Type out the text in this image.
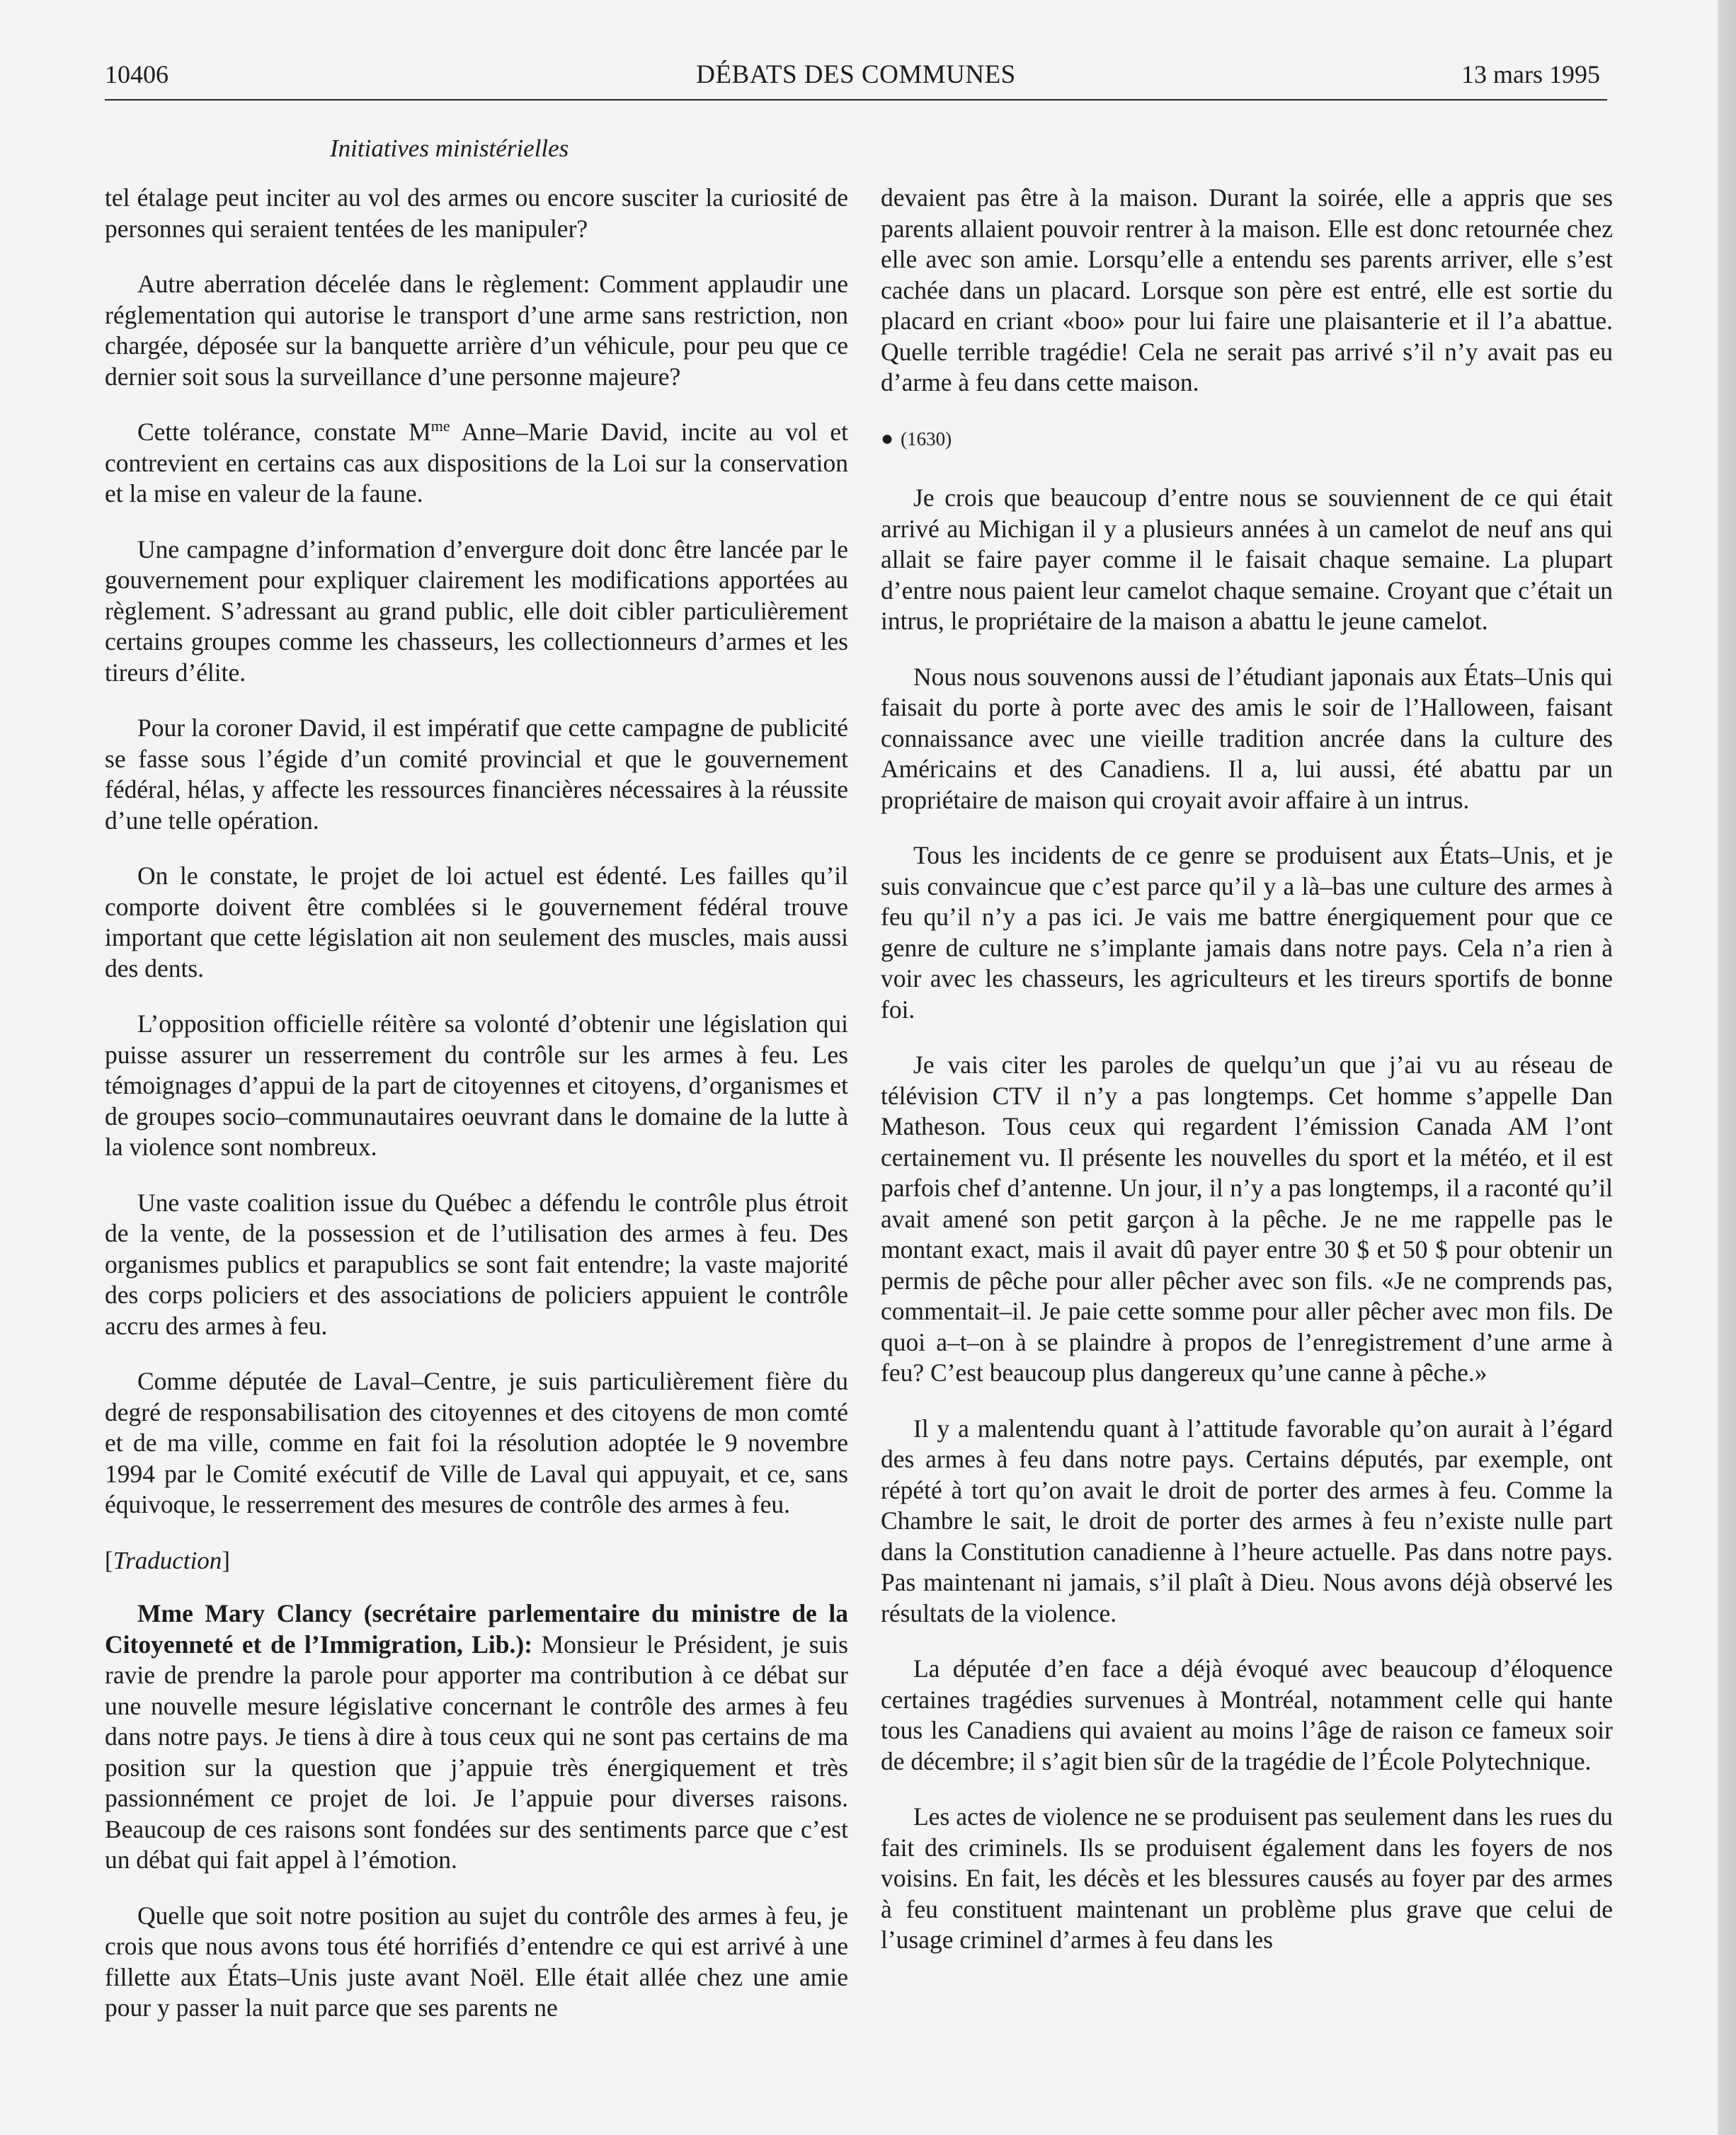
10406	DÉBATS DES COMMUNES	13 mars 1995
Initiatives ministérielles

tel étalage peut inciter au vol des armes ou encore susciter la curiosité de personnes qui seraient tentées de les manipuler?

Autre aberration décelée dans le règlement: Comment applaudir une réglementation qui autorise le transport d’une arme sans restriction, non chargée, déposée sur la banquette arrière d’un véhicule, pour peu que ce dernier soit sous la surveillance d’une personne majeure?

Cette tolérance, constate $M^{me}$ Anne–Marie David, incite au vol et contrevient en certains cas aux dispositions de la Loi sur la conservation et la mise en valeur de la faune.

Une campagne d’information d’envergure doit donc être lancée par le gouvernement pour expliquer clairement les modifications apportées au règlement. S’adressant au grand public, elle doit cibler particulièrement certains groupes comme les chasseurs, les collectionneurs d’armes et les tireurs d’élite.

Pour la coroner David, il est impératif que cette campagne de publicité se fasse sous l’égide d’un comité provincial et que le gouvernement fédéral, hélas, y affecte les ressources financières nécessaires à la réussite d’une telle opération.

On le constate, le projet de loi actuel est édenté. Les failles qu’il comporte doivent être comblées si le gouvernement fédéral trouve important que cette législation ait non seulement des muscles, mais aussi des dents.

L’opposition officielle réitère sa volonté d’obtenir une législation qui puisse assurer un resserrement du contrôle sur les armes à feu. Les témoignages d’appui de la part de citoyennes et citoyens, d’organismes et de groupes socio–communautaires oeuvrant dans le domaine de la lutte à la violence sont nombreux.

Une vaste coalition issue du Québec a défendu le contrôle plus étroit de la vente, de la possession et de l’utilisation des armes à feu. Des organismes publics et parapublics se sont fait entendre; la vaste majorité des corps policiers et des associations de policiers appuient le contrôle accru des armes à feu.

Comme députée de Laval–Centre, je suis particulièrement fière du degré de responsabilisation des citoyennes et des citoyens de mon comté et de ma ville, comme en fait foi la résolution adoptée le 9 novembre 1994 par le Comité exécutif de Ville de Laval qui appuyait, et ce, sans équivoque, le resserrement des mesures de contrôle des armes à feu.

[Traduction]

Mme Mary Clancy (secrétaire parlementaire du ministre de la Citoyenneté et de l’Immigration, Lib.): Monsieur le Président, je suis ravie de prendre la parole pour apporter ma contribution à ce débat sur une nouvelle mesure législative concernant le contrôle des armes à feu dans notre pays. Je tiens à dire à tous ceux qui ne sont pas certains de ma position sur la question que j’appuie très énergiquement et très passionnément ce projet de loi. Je l’appuie pour diverses raisons. Beaucoup de ces raisons sont fondées sur des sentiments parce que c’est un débat qui fait appel à l’émotion.

Quelle que soit notre position au sujet du contrôle des armes à feu, je crois que nous avons tous été horrifiés d’entendre ce qui est arrivé à une fillette aux États–Unis juste avant Noël. Elle était allée chez une amie pour y passer la nuit parce que ses parents ne

devaient pas être à la maison. Durant la soirée, elle a appris que ses parents allaient pouvoir rentrer à la maison. Elle est donc retournée chez elle avec son amie. Lorsqu’elle a entendu ses parents arriver, elle s’est cachée dans un placard. Lorsque son père est entré, elle est sortie du placard en criant «boo» pour lui faire une plaisanterie et il l’a abattue. Quelle terrible tragédie! Cela ne serait pas arrivé s’il n’y avait pas eu d’arme à feu dans cette maison.

● (1630)

Je crois que beaucoup d’entre nous se souviennent de ce qui était arrivé au Michigan il y a plusieurs années à un camelot de neuf ans qui allait se faire payer comme il le faisait chaque semaine. La plupart d’entre nous paient leur camelot chaque semaine. Croyant que c’était un intrus, le propriétaire de la maison a abattu le jeune camelot.

Nous nous souvenons aussi de l’étudiant japonais aux États–Unis qui faisait du porte à porte avec des amis le soir de l’Halloween, faisant connaissance avec une vieille tradition ancrée dans la culture des Américains et des Canadiens. Il a, lui aussi, été abattu par un propriétaire de maison qui croyait avoir affaire à un intrus.

Tous les incidents de ce genre se produisent aux États–Unis, et je suis convaincue que c’est parce qu’il y a là–bas une culture des armes à feu qu’il n’y a pas ici. Je vais me battre énergiquement pour que ce genre de culture ne s’implante jamais dans notre pays. Cela n’a rien à voir avec les chasseurs, les agriculteurs et les tireurs sportifs de bonne foi.

Je vais citer les paroles de quelqu’un que j’ai vu au réseau de télévision CTV il n’y a pas longtemps. Cet homme s’appelle Dan Matheson. Tous ceux qui regardent l’émission Canada AM l’ont certainement vu. Il présente les nouvelles du sport et la météo, et il est parfois chef d’antenne. Un jour, il n’y a pas longtemps, il a raconté qu’il avait amené son petit garçon à la pêche. Je ne me rappelle pas le montant exact, mais il avait dû payer entre 30 $ et 50 $ pour obtenir un permis de pêche pour aller pêcher avec son fils. «Je ne comprends pas, commentait–il. Je paie cette somme pour aller pêcher avec mon fils. De quoi a–t–on à se plaindre à propos de l’enregistrement d’une arme à feu? C’est beaucoup plus dangereux qu’une canne à pêche.»

Il y a malentendu quant à l’attitude favorable qu’on aurait à l’égard des armes à feu dans notre pays. Certains députés, par exemple, ont répété à tort qu’on avait le droit de porter des armes à feu. Comme la Chambre le sait, le droit de porter des armes à feu n’existe nulle part dans la Constitution canadienne à l’heure actuelle. Pas dans notre pays. Pas maintenant ni jamais, s’il plaît à Dieu. Nous avons déjà observé les résultats de la violence.

La députée d’en face a déjà évoqué avec beaucoup d’éloquence certaines tragédies survenues à Montréal, notamment celle qui hante tous les Canadiens qui avaient au moins l’âge de raison ce fameux soir de décembre; il s’agit bien sûr de la tragédie de l’École Polytechnique.

Les actes de violence ne se produisent pas seulement dans les rues du fait des criminels. Ils se produisent également dans les foyers de nos voisins. En fait, les décès et les blessures causés au foyer par des armes à feu constituent maintenant un problème plus grave que celui de l’usage criminel d’armes à feu dans les
